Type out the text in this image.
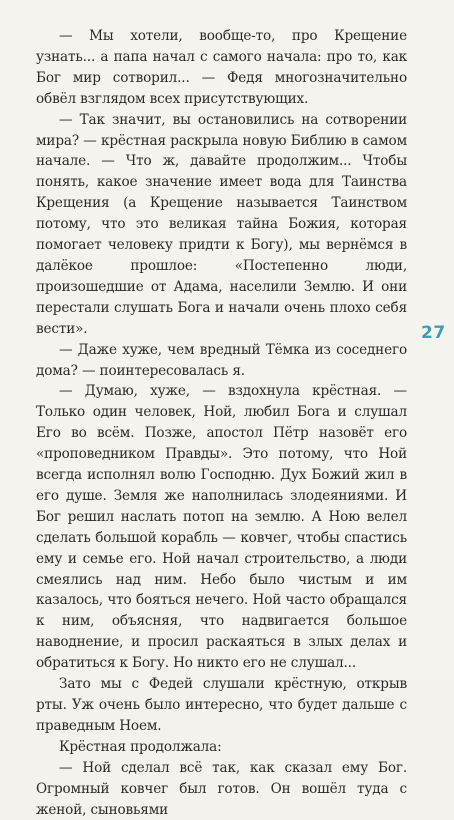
— Мы хотели, вообще-то, про Крещение узнать... а папа начал с самого начала: про то, как Бог мир сотворил... — Федя многозначительно обвёл взглядом всех присутствующих.

— Так значит, вы остановились на сотворении мира? — крёстная раскрыла новую Библию в самом начале. — Что ж, давайте продолжим... Чтобы понять, какое значение имеет вода для Таинства Крещения (а Крещение называется Таинством потому, что это великая тайна Божия, которая помогает человеку придти к Богу), мы вернёмся в далёкое прошлое: «Постепенно люди, произошедшие от Адама, населили Землю. И они перестали слушать Бога и начали очень плохо себя вести».

— Даже хуже, чем вредный Тёмка из соседнего дома? — поинтересовалась я.

— Думаю, хуже, — вздохнула крёстная. — Только один человек, Ной, любил Бога и слушал Его во всём. Позже, апостол Пётр назовёт его «проповедником Правды». Это потому, что Ной всегда исполнял волю Господню. Дух Божий жил в его душе. Земля же наполнилась злодеяниями. И Бог решил наслать потоп на землю. А Ною велел сделать большой корабль — ковчег, чтобы спастись ему и семье его. Ной начал строительство, а люди смеялись над ним. Небо было чистым и им казалось, что бояться нечего. Ной часто обращался к ним, объясняя, что надвигается большое наводнение, и просил раскаяться в злых делах и обратиться к Богу. Но никто его не слушал...

Зато мы с Федей слушали крёстную, открыв рты. Уж очень было интересно, что будет дальше с праведным Ноем.

Крёстная продолжала:

— Ной сделал всё так, как сказал ему Бог. Огромный ковчег был готов. Он вошёл туда с женой, сыновьями

27
